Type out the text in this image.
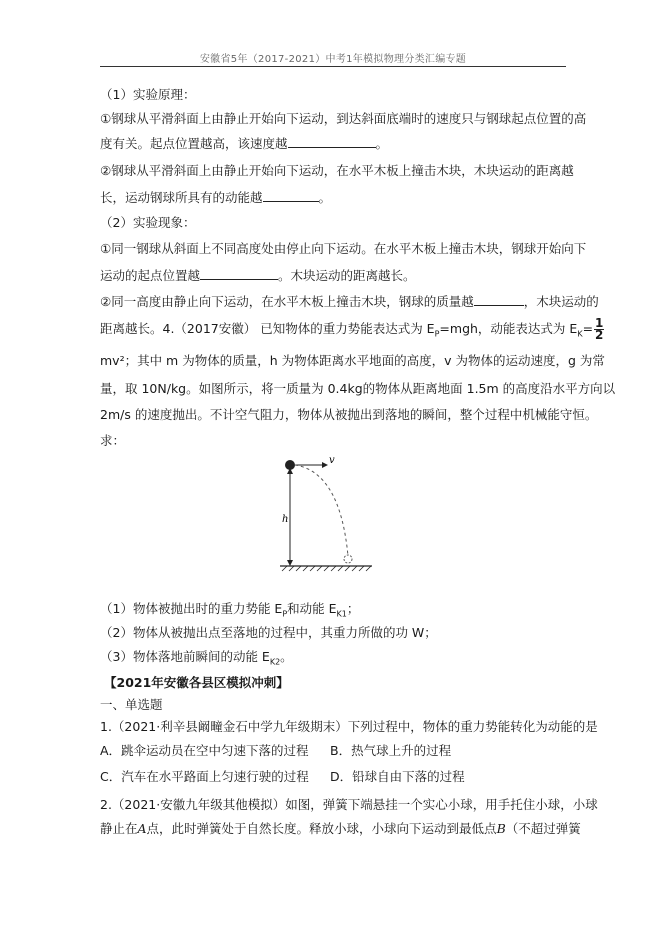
安徽省5年（2017-2021）中考1年模拟物理分类汇编专题
（1）实验原理：
①钢球从平滑斜面上由静止开始向下运动，到达斜面底端时的速度只与钢球起点位置的高
度有关。起点位置越高，该速度越	。
②钢球从平滑斜面上由静止开始向下运动，在水平木板上撞击木块，木块运动的距离越
长，运动钢球所具有的动能越	。
（2）实验现象：
①同一钢球从斜面上不同高度处由停止向下运动。在水平木板上撞击木块，钢球开始向下
运动的起点位置越	。木块运动的距离越长。
②同一高度由静止向下运动，在水平木板上撞击木块，钢球的质量越	，木块运动的
距离越长。4.（2017安徽） 已知物体的重力势能表达式为 $E_P=mgh$，动能表达式为 $E_K= \frac{1}{2}$
mv²；其中 m 为物体的质量，h 为物体距离水平地面的高度，v 为物体的运动速度，g 为常
量，取 10N/kg。如图所示，将一质量为 0.4kg的物体从距离地面 1.5m 的高度沿水平方向以
2m/s 的速度抛出。不计空气阻力，物体从被抛出到落地的瞬间，整个过程中机械能守恒。
求：
h
v
（1）物体被抛出时的重力势能 $E_P$和动能 $E_{K1}$；
（2）物体从被抛出点至落地的过程中，其重力所做的功 W；
（3）物体落地前瞬间的动能 $E_{K2}$。
【2021年安徽各县区模拟冲刺】
一、单选题
1.（2021·利辛县阚疃金石中学九年级期末）下列过程中，物体的重力势能转化为动能的是
A．跳伞运动员在空中匀速下落的过程	B．热气球上升的过程
C．汽车在水平路面上匀速行驶的过程	D．铅球自由下落的过程
2.（2021·安徽九年级其他模拟）如图，弹簧下端悬挂一个实心小球，用手托住小球，小球
静止在A点，此时弹簧处于自然长度。释放小球，小球向下运动到最低点B（不超过弹簧
